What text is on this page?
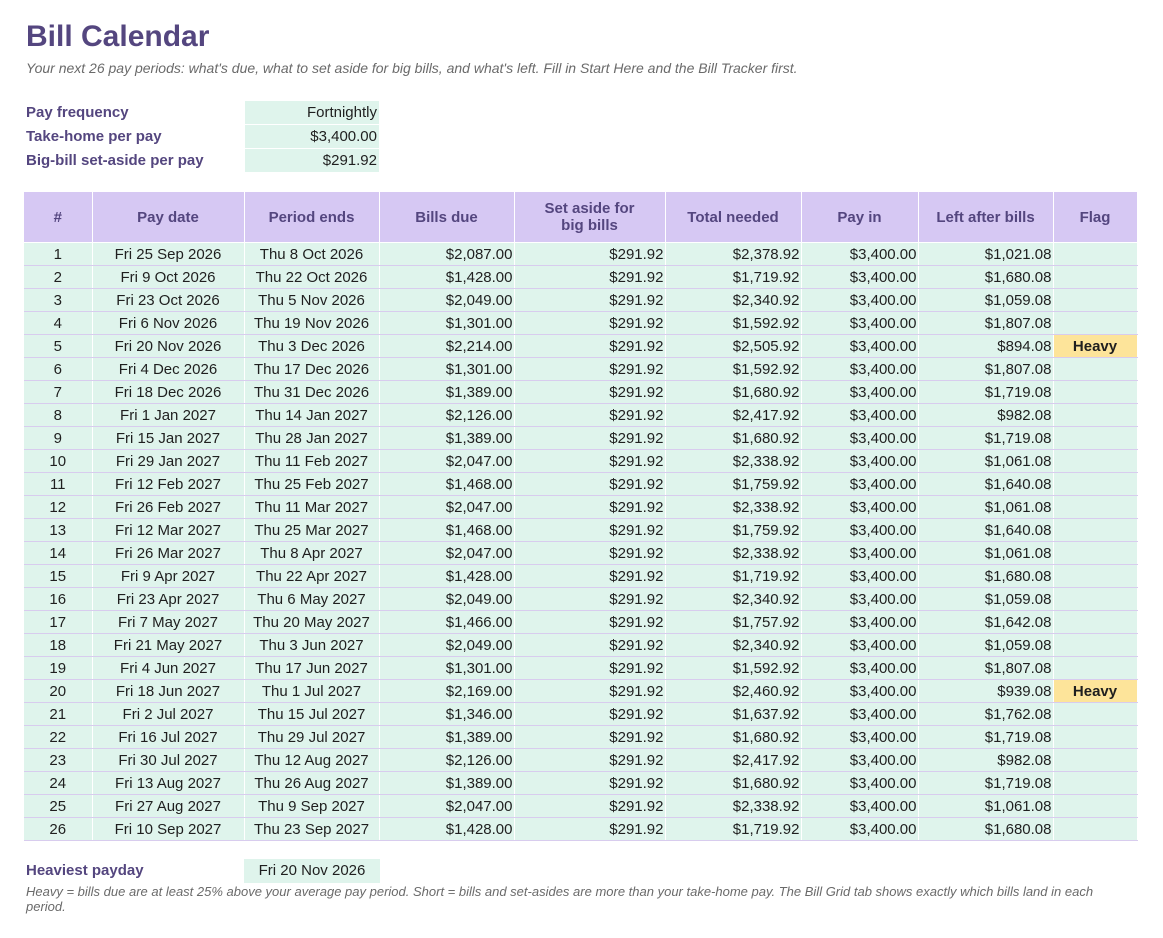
Bill Calendar
Your next 26 pay periods: what's due, what to set aside for big bills, and what's left. Fill in Start Here and the Bill Tracker first.
Pay frequency	Fortnightly
Take-home per pay	$3,400.00
Big-bill set-aside per pay	$291.92
#	Pay date	Period ends	Bills due	Set aside for big bills	Total needed	Pay in	Left after bills	Flag
1	Fri 25 Sep 2026	Thu 8 Oct 2026	$2,087.00	$291.92	$2,378.92	$3,400.00	$1,021.08	
2	Fri 9 Oct 2026	Thu 22 Oct 2026	$1,428.00	$291.92	$1,719.92	$3,400.00	$1,680.08	
3	Fri 23 Oct 2026	Thu 5 Nov 2026	$2,049.00	$291.92	$2,340.92	$3,400.00	$1,059.08	
4	Fri 6 Nov 2026	Thu 19 Nov 2026	$1,301.00	$291.92	$1,592.92	$3,400.00	$1,807.08	
5	Fri 20 Nov 2026	Thu 3 Dec 2026	$2,214.00	$291.92	$2,505.92	$3,400.00	$894.08	Heavy
6	Fri 4 Dec 2026	Thu 17 Dec 2026	$1,301.00	$291.92	$1,592.92	$3,400.00	$1,807.08	
7	Fri 18 Dec 2026	Thu 31 Dec 2026	$1,389.00	$291.92	$1,680.92	$3,400.00	$1,719.08	
8	Fri 1 Jan 2027	Thu 14 Jan 2027	$2,126.00	$291.92	$2,417.92	$3,400.00	$982.08	
9	Fri 15 Jan 2027	Thu 28 Jan 2027	$1,389.00	$291.92	$1,680.92	$3,400.00	$1,719.08	
10	Fri 29 Jan 2027	Thu 11 Feb 2027	$2,047.00	$291.92	$2,338.92	$3,400.00	$1,061.08	
11	Fri 12 Feb 2027	Thu 25 Feb 2027	$1,468.00	$291.92	$1,759.92	$3,400.00	$1,640.08	
12	Fri 26 Feb 2027	Thu 11 Mar 2027	$2,047.00	$291.92	$2,338.92	$3,400.00	$1,061.08	
13	Fri 12 Mar 2027	Thu 25 Mar 2027	$1,468.00	$291.92	$1,759.92	$3,400.00	$1,640.08	
14	Fri 26 Mar 2027	Thu 8 Apr 2027	$2,047.00	$291.92	$2,338.92	$3,400.00	$1,061.08	
15	Fri 9 Apr 2027	Thu 22 Apr 2027	$1,428.00	$291.92	$1,719.92	$3,400.00	$1,680.08	
16	Fri 23 Apr 2027	Thu 6 May 2027	$2,049.00	$291.92	$2,340.92	$3,400.00	$1,059.08	
17	Fri 7 May 2027	Thu 20 May 2027	$1,466.00	$291.92	$1,757.92	$3,400.00	$1,642.08	
18	Fri 21 May 2027	Thu 3 Jun 2027	$2,049.00	$291.92	$2,340.92	$3,400.00	$1,059.08	
19	Fri 4 Jun 2027	Thu 17 Jun 2027	$1,301.00	$291.92	$1,592.92	$3,400.00	$1,807.08	
20	Fri 18 Jun 2027	Thu 1 Jul 2027	$2,169.00	$291.92	$2,460.92	$3,400.00	$939.08	Heavy
21	Fri 2 Jul 2027	Thu 15 Jul 2027	$1,346.00	$291.92	$1,637.92	$3,400.00	$1,762.08	
22	Fri 16 Jul 2027	Thu 29 Jul 2027	$1,389.00	$291.92	$1,680.92	$3,400.00	$1,719.08	
23	Fri 30 Jul 2027	Thu 12 Aug 2027	$2,126.00	$291.92	$2,417.92	$3,400.00	$982.08	
24	Fri 13 Aug 2027	Thu 26 Aug 2027	$1,389.00	$291.92	$1,680.92	$3,400.00	$1,719.08	
25	Fri 27 Aug 2027	Thu 9 Sep 2027	$2,047.00	$291.92	$2,338.92	$3,400.00	$1,061.08	
26	Fri 10 Sep 2027	Thu 23 Sep 2027	$1,428.00	$291.92	$1,719.92	$3,400.00	$1,680.08	
Heaviest payday	Fri 20 Nov 2026
Heavy = bills due are at least 25% above your average pay period. Short = bills and set-asides are more than your take-home pay. The Bill Grid tab shows exactly which bills land in each period.
